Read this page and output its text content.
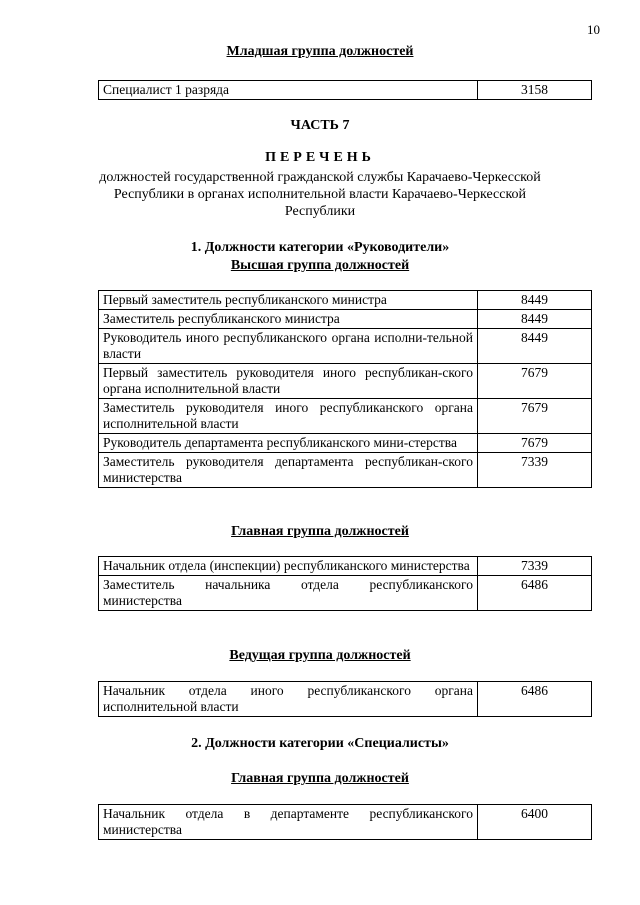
10
Младшая группа должностей
Специалист 1 разряда	3158
ЧАСТЬ 7
ПЕРЕЧЕНЬ
должностей государственной гражданской службы Карачаево-Черкесской
Республики в органах исполнительной власти Карачаево-Черкесской
Республики
1. Должности категории «Руководители»
Высшая группа должностей
Первый заместитель республиканского министра	8449
Заместитель республиканского министра	8449
Руководитель иного республиканского органа исполни-тельной власти	8449
Первый заместитель руководителя иного республикан-ского органа исполнительной власти	7679
Заместитель руководителя иного республиканского органа исполнительной власти	7679
Руководитель департамента республиканского мини-стерства	7679
Заместитель руководителя департамента республикан-ского министерства	7339
Главная группа должностей
Начальник отдела (инспекции) республиканского министерства	7339
Заместитель начальника отдела республиканского министерства	6486
Ведущая группа должностей
Начальник отдела иного республиканского органа исполнительной власти	6486
2. Должности категории «Специалисты»
Главная группа должностей
Начальник отдела в департаменте республиканского министерства	6400
